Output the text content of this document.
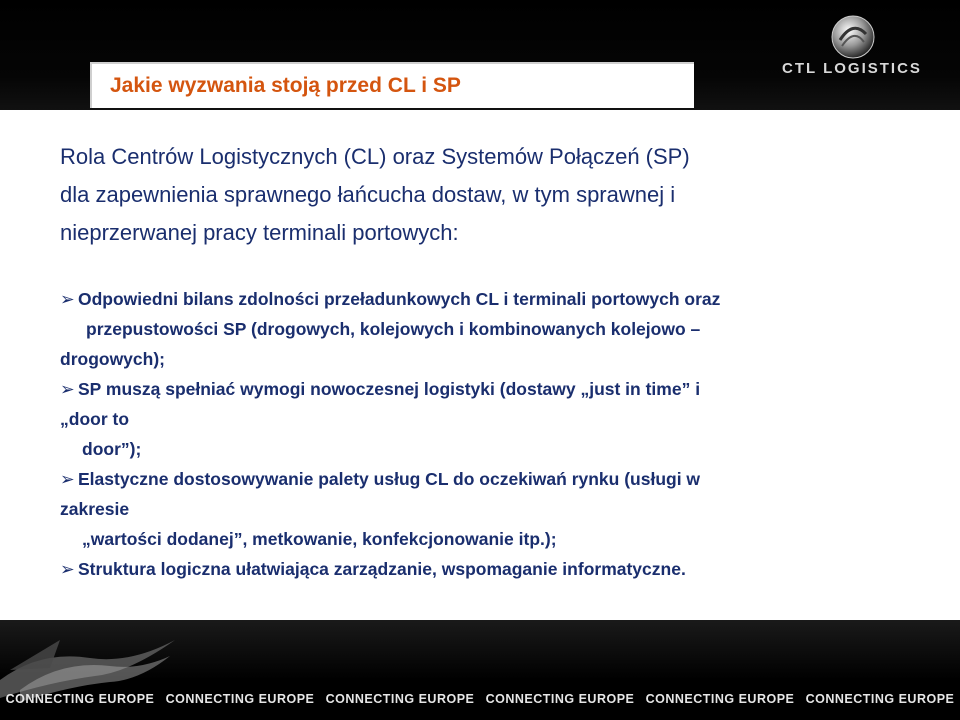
Jakie wyzwania stoją przed CL i SP
CTL LOGISTICS

Rola Centrów Logistycznych (CL) oraz Systemów Połączeń (SP)

dla zapewnienia sprawnego łańcucha dostaw, w tym sprawnej i

nieprzerwanej pracy terminali portowych:

➢ Odpowiedni bilans zdolności przeładunkowych CL i terminali portowych oraz
przepustowości SP (drogowych, kolejowych i kombinowanych kolejowo –
drogowych);
➢ SP muszą spełniać wymogi nowoczesnej logistyki (dostawy „just in time” i
„door to
door”);
➢ Elastyczne dostosowywanie palety usług CL do oczekiwań rynku (usługi w
zakresie
„wartości dodanej”, metkowanie, konfekcjonowanie itp.);
➢ Struktura logiczna ułatwiająca zarządzanie, wspomaganie informatyczne.
CONNECTING EUROPE CONNECTING EUROPE CONNECTING EUROPE CONNECTING EUROPE CONNECTING EUROPE CONNECTING EUROPE
